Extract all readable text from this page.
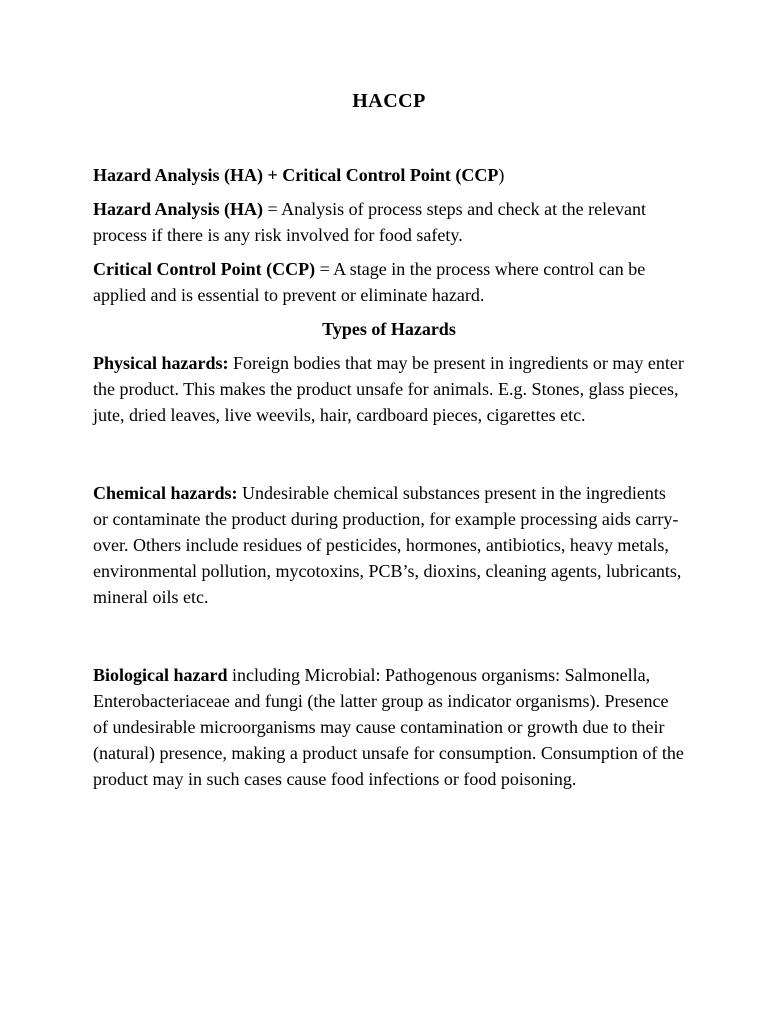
HACCP

Hazard Analysis (HA) + Critical Control Point (CCP)

Hazard Analysis (HA) = Analysis of process steps and check at the relevant process if there is any risk involved for food safety.

Critical Control Point (CCP) = A stage in the process where control can be applied and is essential to prevent or eliminate hazard.

Types of Hazards

Physical hazards: Foreign bodies that may be present in ingredients or may enter the product. This makes the product unsafe for animals. E.g. Stones, glass pieces, jute, dried leaves, live weevils, hair, cardboard pieces, cigarettes etc.

Chemical hazards: Undesirable chemical substances present in the ingredients or contaminate the product during production, for example processing aids carry-over. Others include residues of pesticides, hormones, antibiotics, heavy metals, environmental pollution, mycotoxins, PCB’s, dioxins, cleaning agents, lubricants, mineral oils etc.

Biological hazard including Microbial: Pathogenous organisms: Salmonella, Enterobacteriaceae and fungi (the latter group as indicator organisms). Presence of undesirable microorganisms may cause contamination or growth due to their (natural) presence, making a product unsafe for consumption. Consumption of the product may in such cases cause food infections or food poisoning.
